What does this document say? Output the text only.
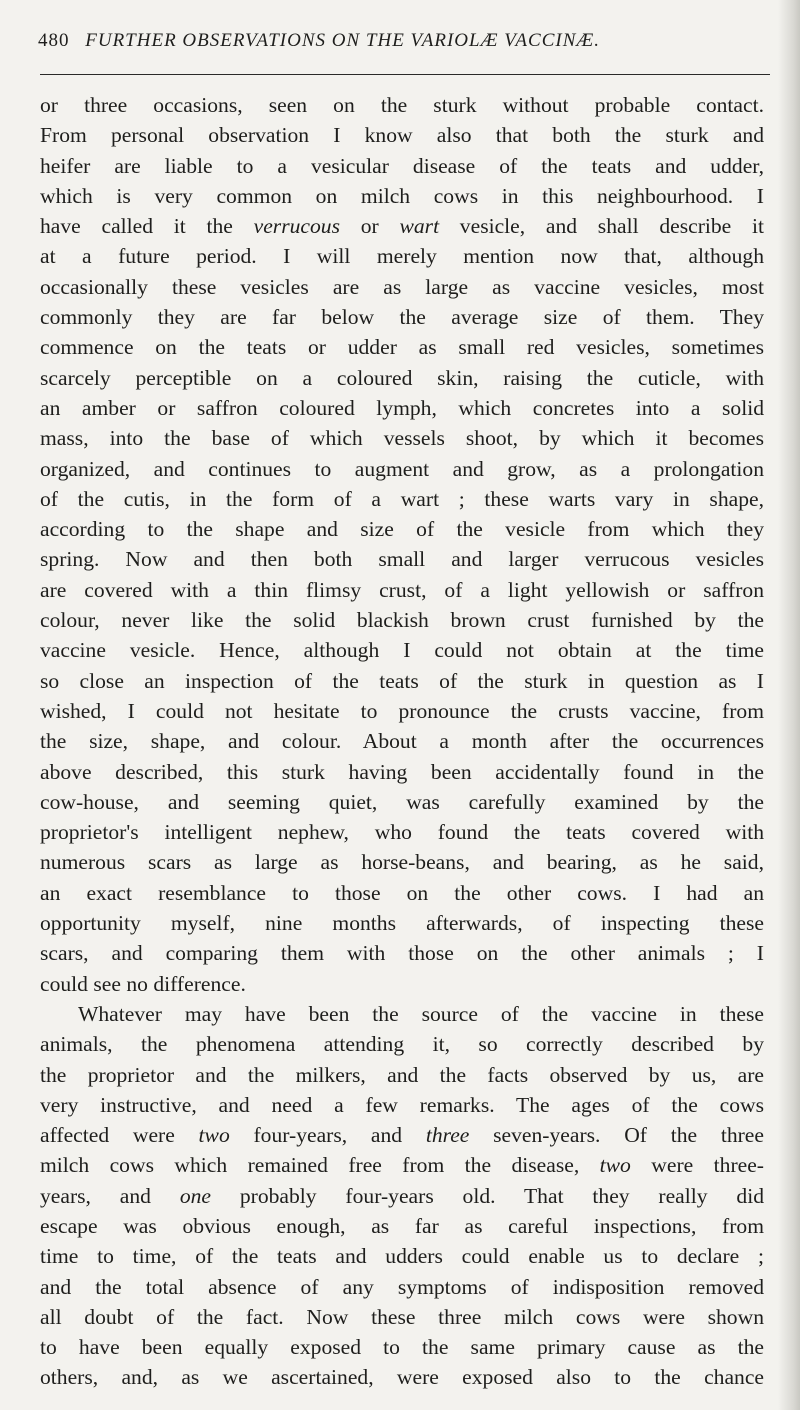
480 FURTHER OBSERVATIONS ON THE VARIOLÆ VACCINÆ.
or three occasions, seen on the sturk without probable contact.
From personal observation I know also that both the sturk and
heifer are liable to a vesicular disease of the teats and udder,
which is very common on milch cows in this neighbourhood. I
have called it the verrucous or wart vesicle, and shall describe it
at a future period. I will merely mention now that, although
occasionally these vesicles are as large as vaccine vesicles, most
commonly they are far below the average size of them. They
commence on the teats or udder as small red vesicles, sometimes
scarcely perceptible on a coloured skin, raising the cuticle, with
an amber or saffron coloured lymph, which concretes into a solid
mass, into the base of which vessels shoot, by which it becomes
organized, and continues to augment and grow, as a prolongation
of the cutis, in the form of a wart ; these warts vary in shape,
according to the shape and size of the vesicle from which they
spring. Now and then both small and larger verrucous vesicles
are covered with a thin flimsy crust, of a light yellowish or saffron
colour, never like the solid blackish brown crust furnished by the
vaccine vesicle. Hence, although I could not obtain at the time
so close an inspection of the teats of the sturk in question as I
wished, I could not hesitate to pronounce the crusts vaccine, from
the size, shape, and colour. About a month after the occurrences
above described, this sturk having been accidentally found in the
cow-house, and seeming quiet, was carefully examined by the
proprietor's intelligent nephew, who found the teats covered with
numerous scars as large as horse-beans, and bearing, as he said,
an exact resemblance to those on the other cows. I had an
opportunity myself, nine months afterwards, of inspecting these
scars, and comparing them with those on the other animals ; I
could see no difference.
Whatever may have been the source of the vaccine in these
animals, the phenomena attending it, so correctly described by
the proprietor and the milkers, and the facts observed by us, are
very instructive, and need a few remarks. The ages of the cows
affected were two four-years, and three seven-years. Of the three
milch cows which remained free from the disease, two were three-
years, and one probably four-years old. That they really did
escape was obvious enough, as far as careful inspections, from
time to time, of the teats and udders could enable us to declare ;
and the total absence of any symptoms of indisposition removed
all doubt of the fact. Now these three milch cows were shown
to have been equally exposed to the same primary cause as the
others, and, as we ascertained, were exposed also to the chance
